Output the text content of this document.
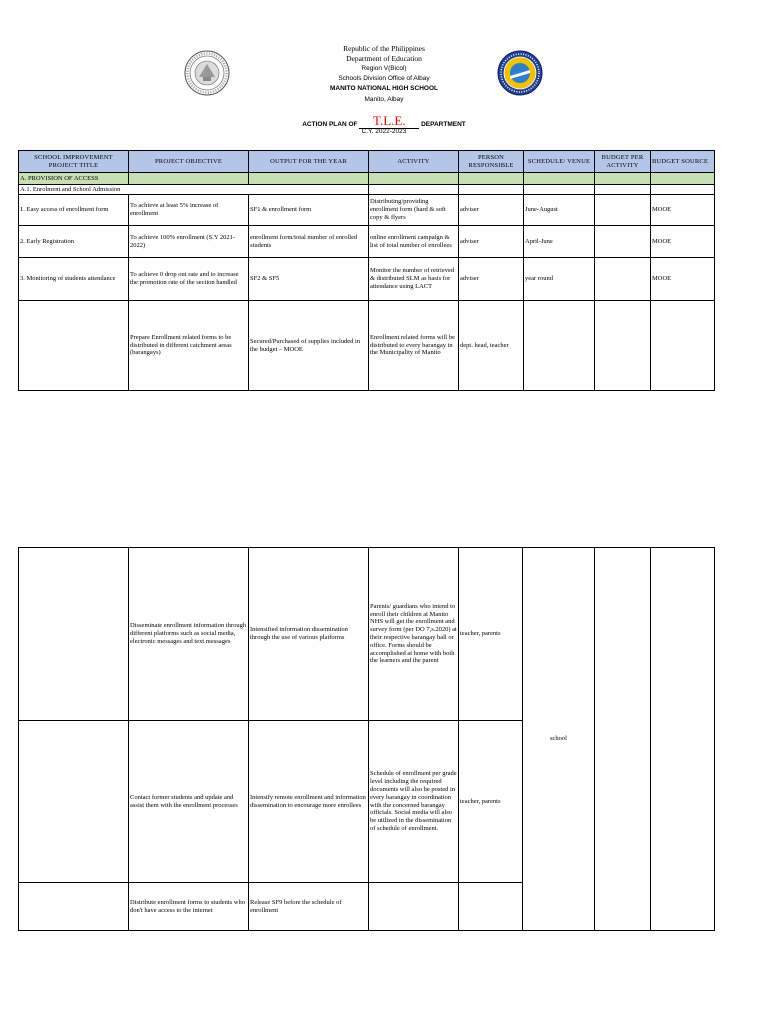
Republic of the Philippines
Department of Education
Region V(Bicol)
Schools Division Office of Albay
MANITO NATIONAL HIGH SCHOOL
Manito, Albay
ACTION PLAN OF T.L.E. DEPARTMENT
C.Y. 2022-2023
SCHOOL IMPROVEMENT PROJECT TITLE	PROJECT OBJECTIVE	OUTPUT FOR THE YEAR	ACTIVITY	PERSON RESPONSIBLE	SCHEDULE/ VENUE	BUDGET PER ACTIVITY	BUDGET SOURCE
A. PROVISION OF ACCESS							
A.1. Enrolment and School Admission							
1. Easy access of enrollment form	To achieve at least 5% increase of enrollment	SF1 & enrollment form	Distributing/providing enrollment form (hard & soft copy & flyers	adviser	June-August		MOOE
2. Early Registration	To achieve 100% enrollment (S.Y 2021-2022)	enrollment form/total number of enrolled students	online enrollment campaign & list of total number of enrollees	adviser	April-June		MOOE
3. Monitoring of students attendance	To achieve 0 drop out rate and to increase the promotion rate of the section handled	SF2 & SF5	Monitor the number of retrieved & distributed SLM as basis for attendance using LACT	adviser	year round		MOOE
	Prepare Enrollment related forms to be distributed in different catchment areas (barangays)	Secured/Purchased of supplies included in the budget – MOOE	Enrollment related forms will be distributed to every barangay in the Municipality of Manito	dept. head, teacher			
	Disseminate enrollment information through different platforms such as social media, electronic messages and text messages	Intensified information dissemination through the use of various platforms	Parents/ guardians who intend to enroll their children at Manito NHS will get the enrollment and survey form (per DO 7,s.2020) at their respective barangay hall or office. Forms should be accomplished at home with both the learners and the parent	teacher, parents	school		
	Contact former students and update and assist them with the enrollment processes	Intensify remote enrollment and information dissemination to encourage more enrollees	Schedule of enrollment per grade level including the required documents will also be posted in every barangay in coordination with the concerned barangay officials. Social media will also be utilized in the dissemination of schedule of enrollment.	teacher, parents			
	Distribute enrollment forms to students who don't have access to the internet	Release SF9 before the schedule of enrollment					
